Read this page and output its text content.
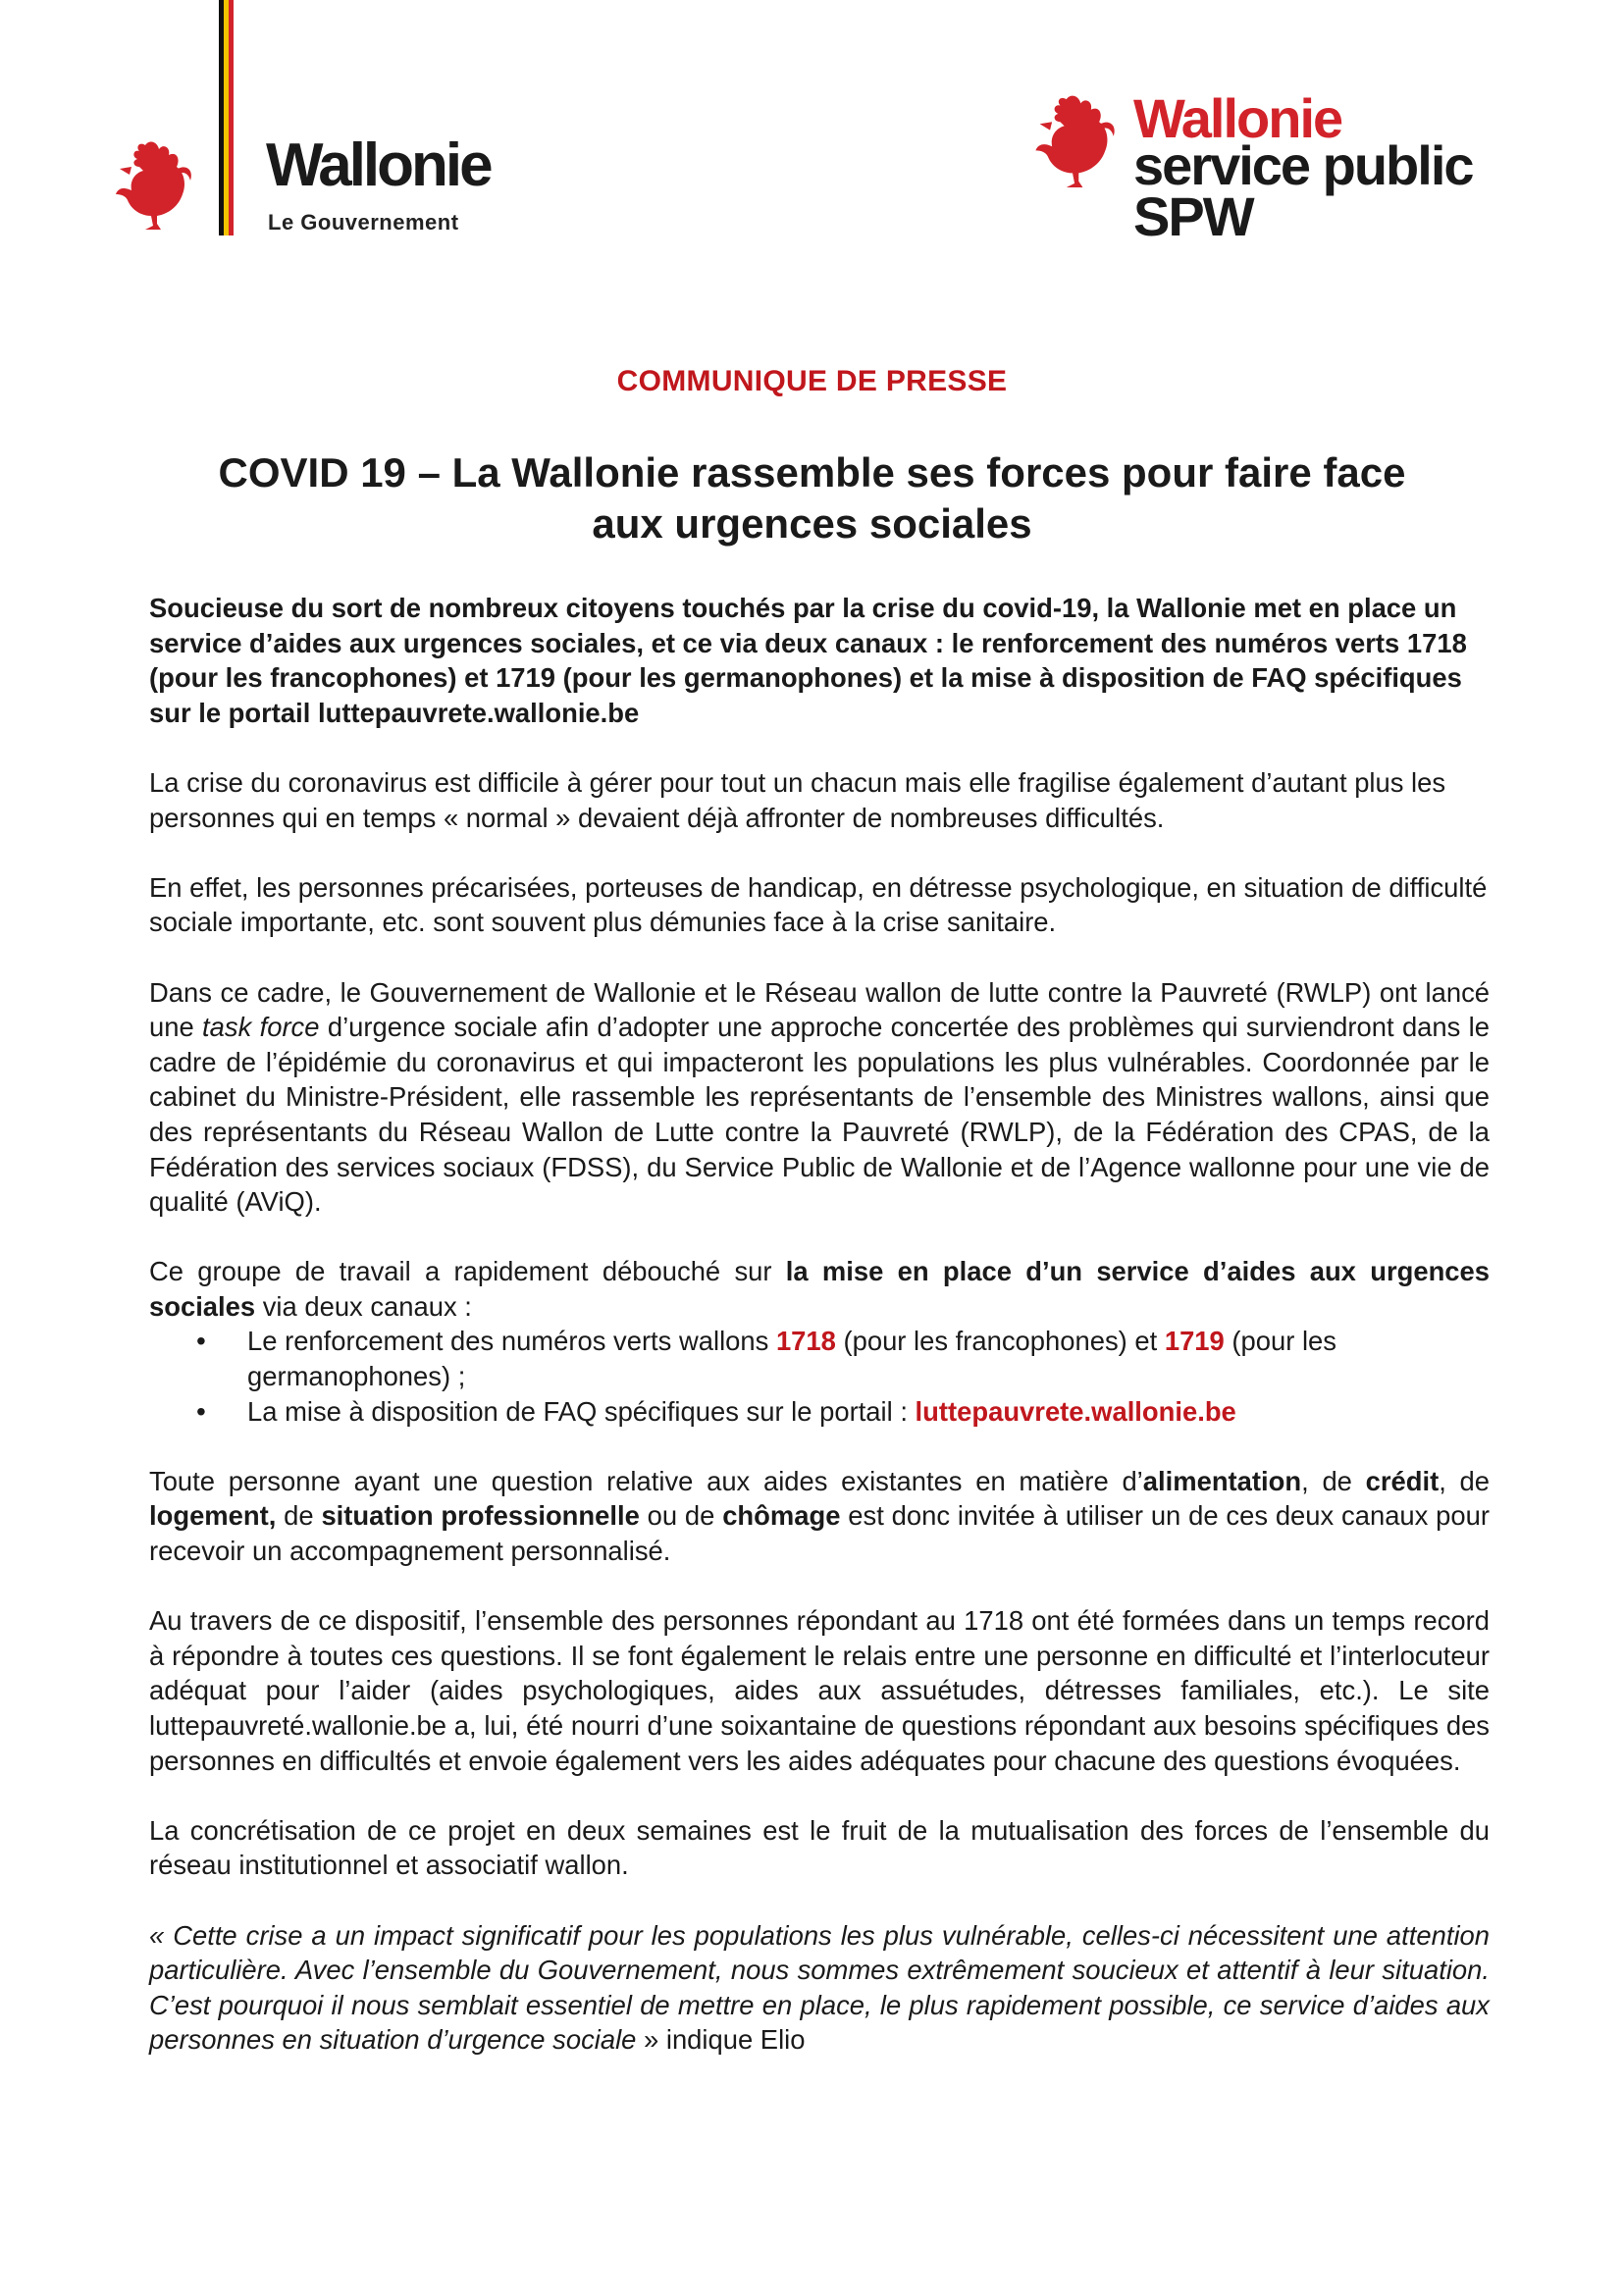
Wallonie
Le Gouvernement
Wallonie
service public
SPW
COMMUNIQUE DE PRESSE
COVID 19 – La Wallonie rassemble ses forces pour faire face
aux urgences sociales

Soucieuse du sort de nombreux citoyens touchés par la crise du covid-19, la Wallonie met en place un service d’aides aux urgences sociales, et ce via deux canaux : le renforcement des numéros verts 1718 (pour les francophones) et 1719 (pour les germanophones) et la mise à disposition de FAQ spécifiques sur le portail luttepauvrete.wallonie.be

La crise du coronavirus est difficile à gérer pour tout un chacun mais elle fragilise également d’autant plus les personnes qui en temps « normal » devaient déjà affronter de nombreuses difficultés.

En effet, les personnes précarisées, porteuses de handicap, en détresse psychologique, en situation de difficulté sociale importante, etc. sont souvent plus démunies face à la crise sanitaire.

Dans ce cadre, le Gouvernement de Wallonie et le Réseau wallon de lutte contre la Pauvreté (RWLP) ont lancé une task force d’urgence sociale afin d’adopter une approche concertée des problèmes qui surviendront dans le cadre de l’épidémie du coronavirus et qui impacteront les populations les plus vulnérables. Coordonnée par le cabinet du Ministre-Président, elle rassemble les représentants de l’ensemble des Ministres wallons, ainsi que des représentants du Réseau Wallon de Lutte contre la Pauvreté (RWLP), de la Fédération des CPAS, de la Fédération des services sociaux (FDSS), du Service Public de Wallonie et de l’Agence wallonne pour une vie de qualité (AViQ).

Ce groupe de travail a rapidement débouché sur la mise en place d’un service d’aides aux urgences sociales via deux canaux :

• Le renforcement des numéros verts wallons 1718 (pour les francophones) et 1719 (pour les germanophones) ;
• La mise à disposition de FAQ spécifiques sur le portail : luttepauvrete.wallonie.be

Toute personne ayant une question relative aux aides existantes en matière d’alimentation, de crédit, de logement, de situation professionnelle ou de chômage est donc invitée à utiliser un de ces deux canaux pour recevoir un accompagnement personnalisé.

Au travers de ce dispositif, l’ensemble des personnes répondant au 1718 ont été formées dans un temps record à répondre à toutes ces questions. Il se font également le relais entre une personne en difficulté et l’interlocuteur adéquat pour l’aider (aides psychologiques, aides aux assuétudes, détresses familiales, etc.). Le site luttepauvreté.wallonie.be a, lui, été nourri d’une soixantaine de questions répondant aux besoins spécifiques des personnes en difficultés et envoie également vers les aides adéquates pour chacune des questions évoquées.

La concrétisation de ce projet en deux semaines est le fruit de la mutualisation des forces de l’ensemble du réseau institutionnel et associatif wallon.

« Cette crise a un impact significatif pour les populations les plus vulnérable, celles-ci nécessitent une attention particulière. Avec l’ensemble du Gouvernement, nous sommes extrêmement soucieux et attentif à leur situation. C’est pourquoi il nous semblait essentiel de mettre en place, le plus rapidement possible, ce service d’aides aux personnes en situation d’urgence sociale » indique Elio
